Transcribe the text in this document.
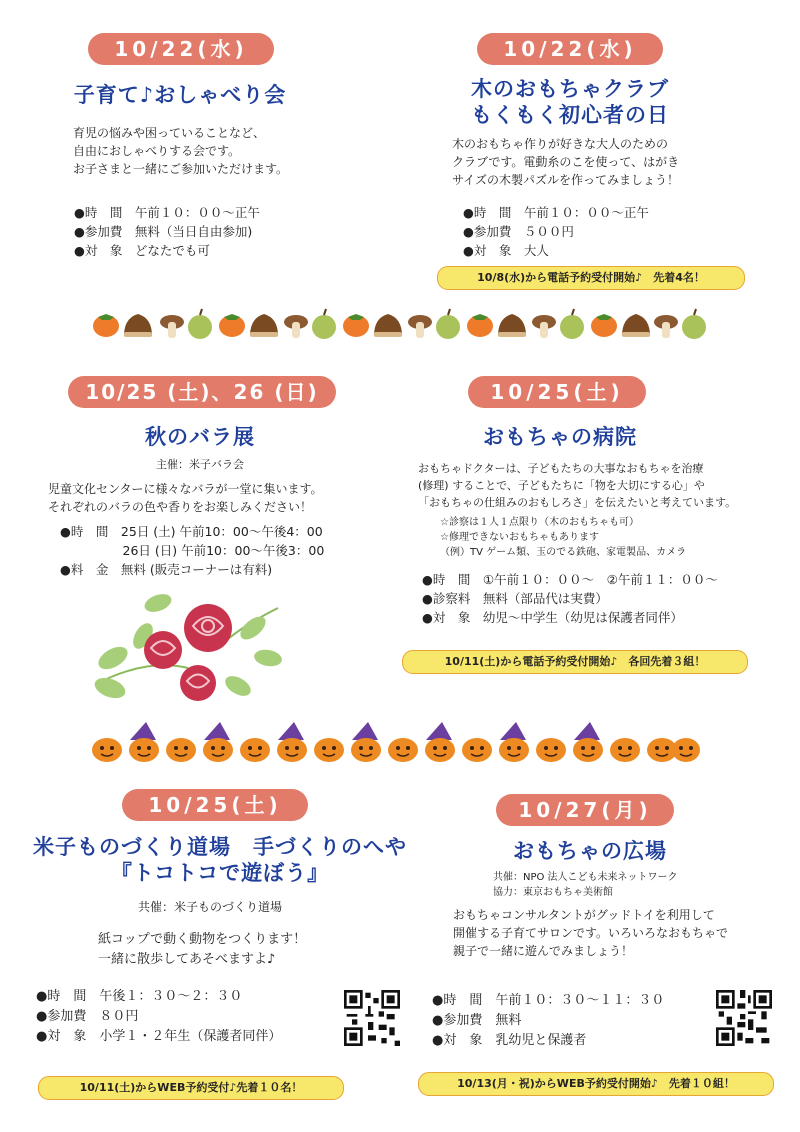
10/22(水)
子育て♪おしゃべり会
育児の悩みや困っていることなど、
自由におしゃべりする会です。
お子さまと一緒にご参加いただけます。
●時　間　午前１０：００〜正午
●参加費　無料（当日自由参加)
●対　象　どなたでも可
10/22(水)
木のおもちゃクラブ
もくもく初心者の日
木のおもちゃ作りが好きな大人のための
クラブです。電動糸のこを使って、はがき
サイズの木製パズルを作ってみましょう！
●時　間　午前１０：００〜正午
●参加費　５００円
●対　象　大人
10/8(水)から電話予約受付開始♪　先着4名！
10/25 (土)、26 (日)
秋のバラ展
主催：米子バラ会
児童文化センターに様々なバラが一堂に集います。
それぞれのバラの色や香りをお楽しみください！
●時　間　25日 (土) 午前10：00〜午後4：00
　　　　　26日 (日) 午前10：00〜午後3：00
●料　金　無料 (販売コーナーは有料)
10/25(土)
おもちゃの病院
おもちゃドクターは、子どもたちの大事なおもちゃを治療
(修理) することで、子どもたちに「物を大切にする心」や
「おもちゃの仕組みのおもしろさ」を伝えたいと考えています。
☆診察は１人１点限り（木のおもちゃも可）
☆修理できないおもちゃもあります
（例）TV ゲーム類、玉のでる鉄砲、家電製品、カメラ
●時　間　①午前１０：００〜　②午前１１：００〜
●診察料　無料（部品代は実費）
●対　象　幼児〜中学生（幼児は保護者同伴）
10/11(土)から電話予約受付開始♪　各回先着３組！
10/25(土)
米子ものづくり道場　手づくりのへや
『トコトコで遊ぼう』
共催：米子ものづくり道場
紙コップで動く動物をつくります！
一緒に散歩してあそべますよ♪
●時　間　午後１：３０〜２：３０
●参加費　８０円
●対　象　小学１・２年生（保護者同伴）
10/11(土)からWEB予約受付♪先着１０名！
10/27(月)
おもちゃの広場
共催：NPO 法人こども未来ネットワーク
協力：東京おもちゃ美術館
おもちゃコンサルタントがグッドトイを利用して
開催する子育てサロンです。いろいろなおもちゃで
親子で一緒に遊んでみましょう！
●時　間　午前１０：３０〜１１：３０
●参加費　無料
●対　象　乳幼児と保護者
10/13(月・祝)からWEB予約受付開始♪　先着１０組！
